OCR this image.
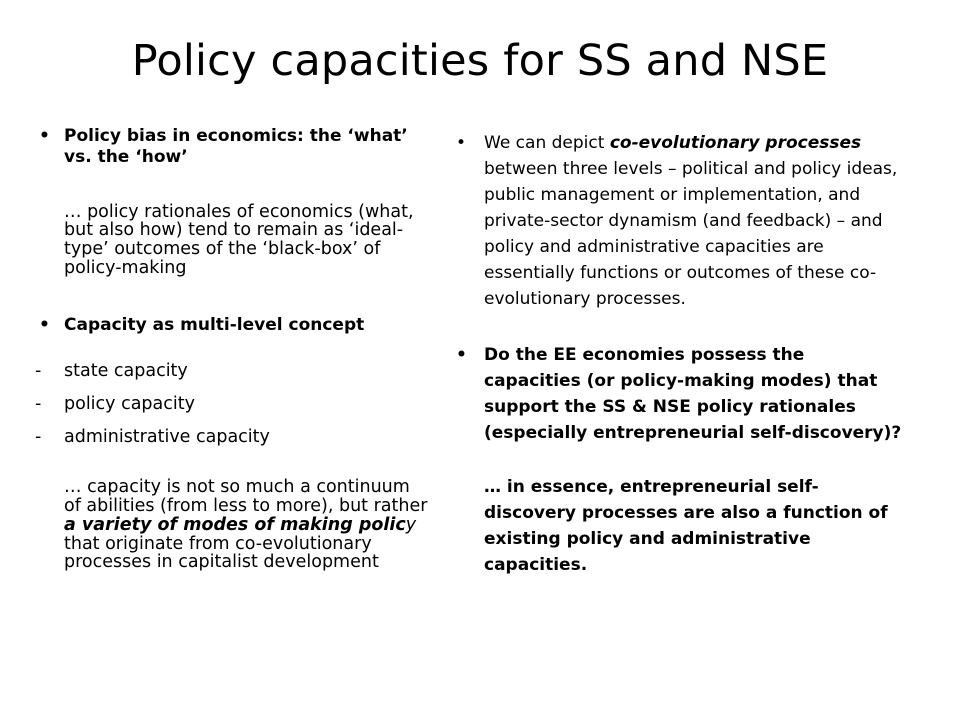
Policy capacities for SS and NSE

• Policy bias in economics: the ‘what’ vs. the ‘how’

… policy rationales of economics (what, but also how) tend to remain as ‘ideal-type’ outcomes of the ‘black-box’ of policy-making

• Capacity as multi-level concept

- state capacity
- policy capacity
- administrative capacity

… capacity is not so much a continuum of abilities (from less to more), but rather a variety of modes of making policy that originate from co-evolutionary processes in capitalist development

• We can depict co-evolutionary processes between three levels – political and policy ideas, public management or implementation, and private-sector dynamism (and feedback) – and policy and administrative capacities are essentially functions or outcomes of these co-evolutionary processes.

• Do the EE economies possess the capacities (or policy-making modes) that support the SS & NSE policy rationales (especially entrepreneurial self-discovery)?

… in essence, entrepreneurial self-discovery processes are also a function of existing policy and administrative capacities.
